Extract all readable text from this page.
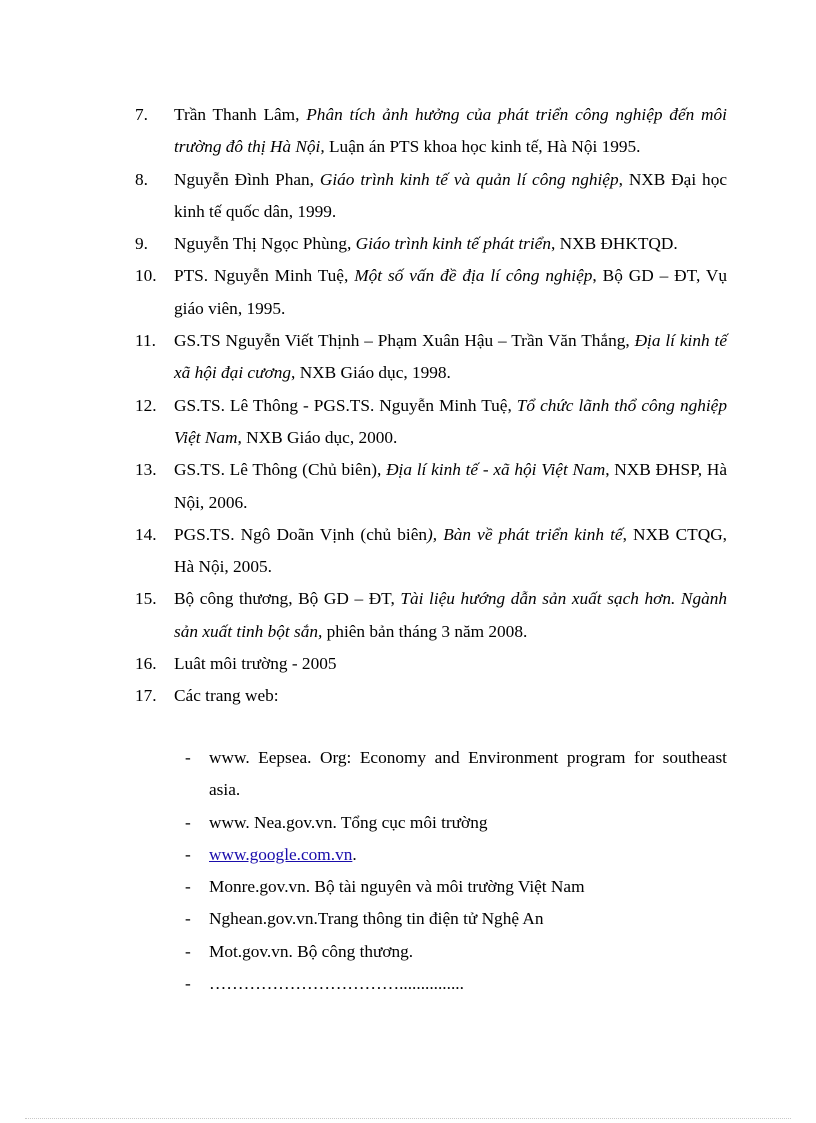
7.	Trần Thanh Lâm, Phân tích ảnh hưởng của phát triển công nghiệp đến môi trường đô thị Hà Nội, Luận án PTS khoa học kinh tế, Hà Nội 1995.
8.	Nguyễn Đình Phan, Giáo trình kinh tế và quản lí công nghiệp, NXB Đại học kinh tế quốc dân, 1999.
9.	Nguyễn Thị Ngọc Phùng, Giáo trình kinh tế phát triển, NXB ĐHKTQD.
10.	PTS. Nguyễn Minh Tuệ, Một số vấn đề địa lí công nghiệp, Bộ GD – ĐT, Vụ giáo viên, 1995.
11.	GS.TS Nguyễn Viết Thịnh – Phạm Xuân Hậu – Trần Văn Thắng, Địa lí kinh tế xã hội đại cương, NXB Giáo dục, 1998.
12.	GS.TS. Lê Thông - PGS.TS. Nguyễn Minh Tuệ, Tổ chức lãnh thổ công nghiệp Việt Nam, NXB Giáo dục, 2000.
13.	GS.TS. Lê Thông (Chủ biên), Địa lí kinh tế - xã hội Việt Nam, NXB ĐHSP, Hà Nội, 2006.
14.	PGS.TS. Ngô Doãn Vịnh (chủ biên), Bàn về phát triển kinh tế, NXB CTQG, Hà Nội, 2005.
15.	Bộ công thương, Bộ GD – ĐT, Tài liệu hướng dẫn sản xuất sạch hơn. Ngành sản xuất tinh bột sắn, phiên bản tháng 3 năm 2008.
16.	Luât môi trường - 2005
17.	Các trang web:
-	www. Eepsea. Org: Economy and Environment program for southeast asia.
-	www. Nea.gov.vn. Tổng cục môi trường
-	www.google.com.vn.
-	Monre.gov.vn. Bộ tài nguyên và môi trường Việt Nam
-	Nghean.gov.vn.Trang thông tin điện tử Nghệ An
-	Mot.gov.vn. Bộ công thương.
-	……………………………...............
